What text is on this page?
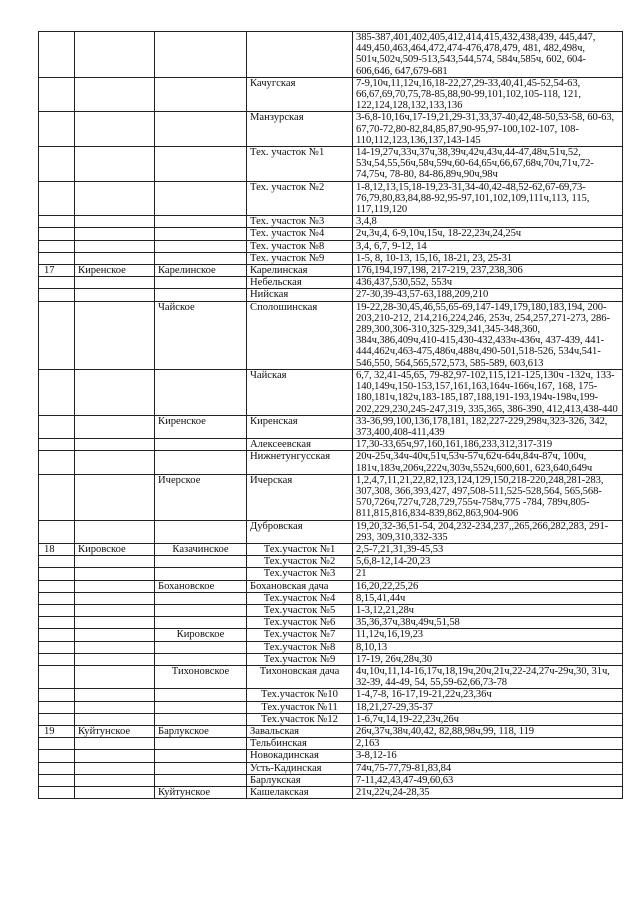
				385-387,401,402,405,412,414,415,432,438,439, 445,447, 449,450,463,464,472,474-476,478,479, 481, 482,498ч, 501ч,502ч,509-513,543,544,574, 584ч,585ч, 602, 604-606,646, 647,679-681
			Качугская	7-9,10ч,11,12ч,16,18-22,27,29-33,40,41,45-52,54-63, 66,67,69,70,75,78-85,88,90-99,101,102,105-118, 121, 122,124,128,132,133,136
			Манзурская	3-6,8-10,16ч,17-19,21,29-31,33,37-40,42,48-50,53-58, 60-63, 67,70-72,80-82,84,85,87,90-95,97-100,102-107, 108-110,112,123,136,137,143-145
			Тех. участок №1	14-19,27ч,33ч,37ч,38,39ч,42ч,43ч,44-47,48ч,51ч,52, 53ч,54,55,56ч,58ч,59ч,60-64,65ч,66,67,68ч,70ч,71ч,72-74,75ч, 78-80, 84-86,89ч,90ч,98ч
			Тех. участок №2	1-8,12,13,15,18-19,23-31,34-40,42-48,52-62,67-69,73-76,79,80,83,84,88-92,95-97,101,102,109,111ч,113, 115, 117,119,120
			Тех. участок №3	3,4,8
			Тех. участок №4	2ч,3ч,4, 6-9,10ч,15ч, 18-22,23ч,24,25ч
			Тех. участок №8	3,4, 6,7, 9-12, 14
			Тех. участок №9	1-5, 8, 10-13, 15,16, 18-21, 23, 25-31
17	Киренское	Карелинское	Карелинская	176,194,197,198, 217-219, 237,238,306
			Небельская	436,437,530,552, 553ч
			Нийская	27-30,39-43,57-63,188,209,210
		Чайское	Сполошинская	19-22,28-30,45,46,55,65-69,147-149,179,180,183,194, 200-203,210-212, 214,216,224,246, 253ч, 254,257,271-273, 286-289,300,306-310,325-329,341,345-348,360, 384ч,386,409ч,410-415,430-432,433ч-436ч, 437-439, 441-444,462ч,463-475,486ч,488ч,490-501,518-526, 534ч,541-546,550, 564,565,572,573, 585-589, 603,613
			Чайская	6,7, 32,41-45,65, 79-82,97-102,115,121-125,130ч -132ч, 133-140,149ч,150-153,157,161,163,164ч-166ч,167, 168, 175-180,181ч,182ч,183-185,187,188,191-193,194ч-198ч,199-202,229,230,245-247,319, 335,365, 386-390, 412,413,438-440
		Киренское	Киренская	33-36,99,100,136,178,181, 182,227-229,298ч,323-326, 342, 373,400,408-411,439
			Алексеевская	17,30-33,65ч,97,160,161,186,233,312,317-319
			Нижнетунгусская	20ч-25ч,34ч-40ч,51ч,53ч-57ч,62ч-64ч,84ч-87ч, 100ч, 181ч,183ч,206ч,222ч,303ч,552ч,600,601, 623,640,649ч
		Ичерское	Ичерская	1,2,4,7,11,21,22,82,123,124,129,150,218-220,248,281-283, 307,308, 366,393,427, 497,508-511,525-528,564, 565,568-570,726ч,727ч,728,729,755ч-758ч,775 -784, 789ч,805-811,815,816,834-839,862,863,904-906
			Дубровская	19,20,32-36,51-54, 204,232-234,237,,265,266,282,283, 291-293, 309,310,332-335
18	Кировское	Казачинское	Тех.участок №1	2,5-7,21,31,39-45,53
			Тех.участок №2	5,6,8-12,14-20,23
			Тех.участок №3	21
		Бохановское	Бохановская дача	16,20,22,25,26
			Тех.участок №4	8,15,41,44ч
			Тех.участок №5	1-3,12,21,28ч
			Тех.участок №6	35,36,37ч,38ч,49ч,51,58
		Кировское	Тех.участок №7	11,12ч,16,19,23
			Тех.участок №8	8,10,13
			Тех.участок №9	17-19, 26ч,28ч,30
		Тихоновское	Тихоновская дача	4ч,10ч,11,14-16,17ч,18,19ч,20ч,21ч,22-24,27ч-29ч,30, 31ч, 32-39, 44-49, 54, 55,59-62,66,73-78
			Тех.участок №10	1-4,7-8, 16-17,19-21,22ч,23,36ч
			Тех.участок №11	18,21,27-29,35-37
			Тех.участок №12	1-6,7ч,14,19-22,23ч,26ч
19	Куйтунское	Барлукское	Завальская	26ч,37ч,38ч,40,42, 82,88,98ч,99, 118, 119
			Тельбинская	2,163
			Новокадинская	3-8,12-16
			Усть-Кадинская	74ч,75-77,79-81,83,84
			Барлукская	7-11,42,43,47-49,60,63
		Куйтунское	Кашелакская	21ч,22ч,24-28,35
